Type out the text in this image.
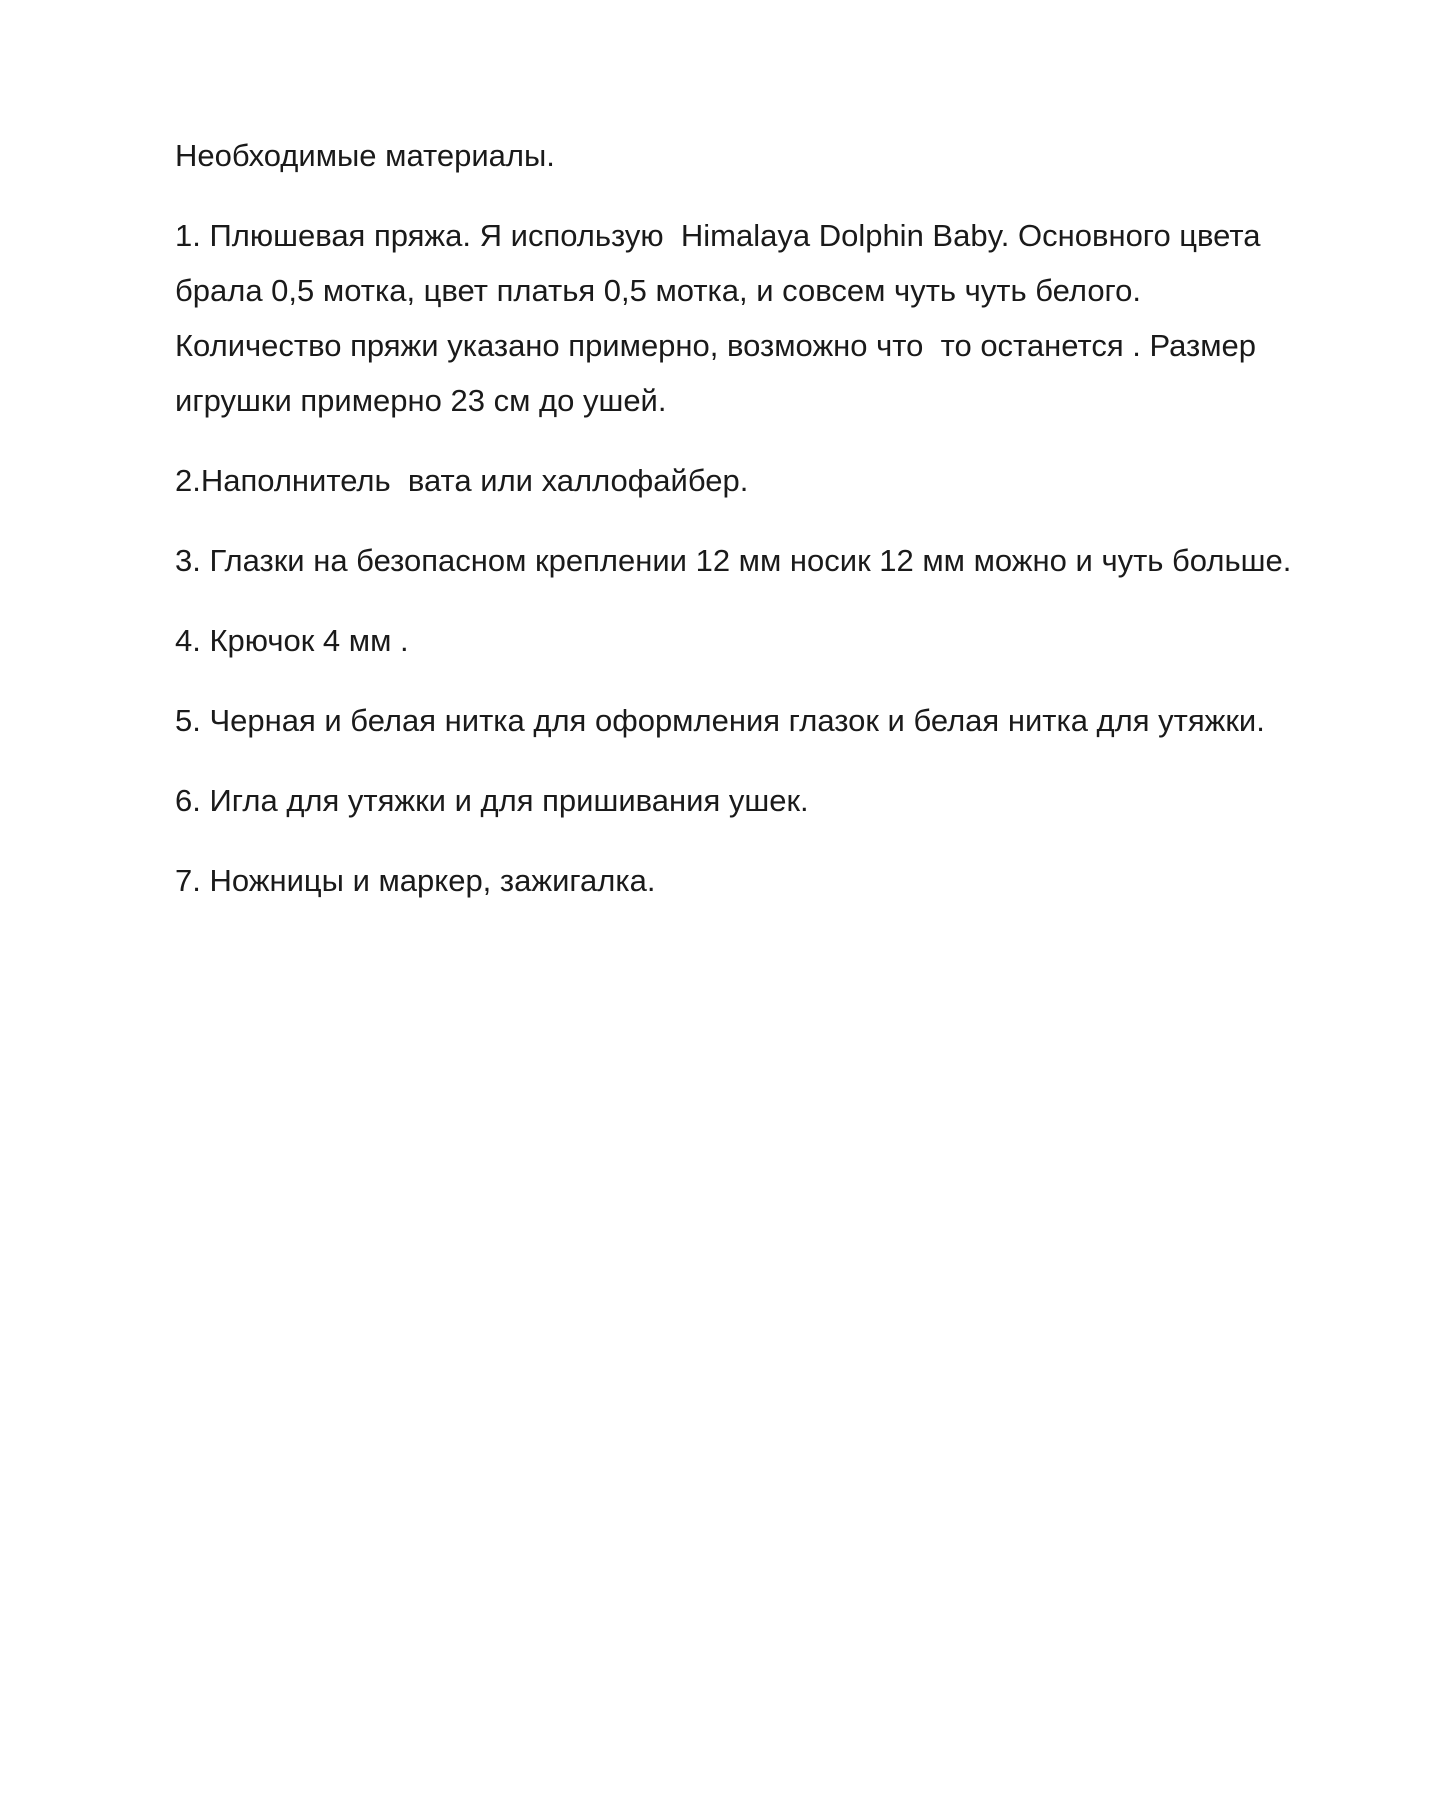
Необходимые материалы.

1. Плюшевая пряжа. Я использую  Himalaya Dolphin Baby. Основного цвета брала 0,5 мотка, цвет платья 0,5 мотка, и совсем чуть чуть белого.  Количество пряжи указано примерно, возможно что  то останется . Размер игрушки примерно 23 см до ушей.

2.Наполнитель  вата или халлофайбер.

3. Глазки на безопасном креплении 12 мм носик 12 мм можно и чуть больше.

4. Крючок 4 мм .

5. Черная и белая нитка для оформления глазок и белая нитка для утяжки.

6. Игла для утяжки и для пришивания ушек.

7. Ножницы и маркер, зажигалка.
